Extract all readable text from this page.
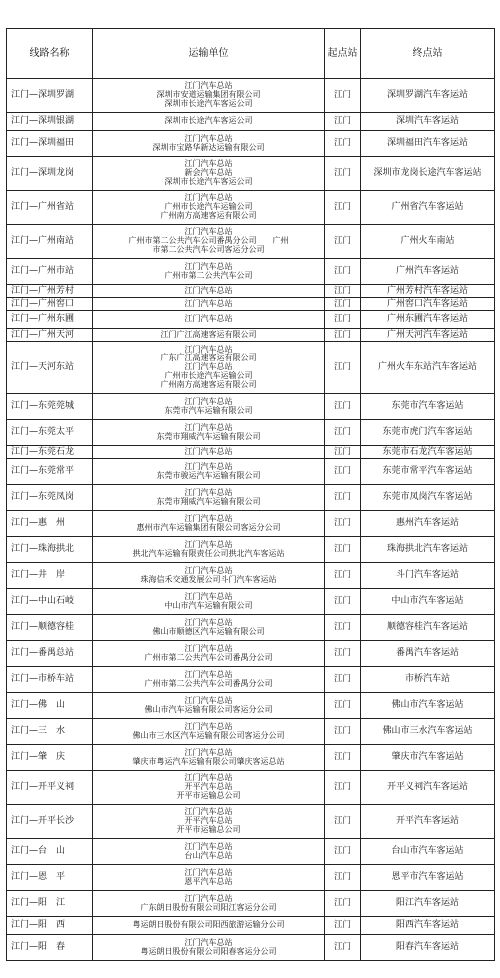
线路名称	运输单位	起点站	终点站
江门—深圳罗湖	江门汽车总站
深圳市安道运输集团有限公司
深圳市长途汽车客运公司	江门	深圳罗湖汽车客运站
江门—深圳银湖	深圳市长途汽车客运公司	江门	深圳汽车客运站
江门—深圳福田	江门汽车总站
深圳市宝路华新达运输有限公司	江门	深圳福田汽车客运站
江门—深圳龙岗	江门汽车总站
新会汽车总站
深圳市长途汽车客运公司	江门	深圳市龙岗长途汽车客运站
江门—广州省站	江门汽车总站
广州市长途汽车运输公司
广州南方高速客运有限公司	江门	广州省汽车客运站
江门—广州南站	江门汽车总站
广州市第二公共汽车公司番禺分公司　　广州
市第二公共汽车公司客运分公司	江门	广州火车南站
江门—广州市站	江门汽车总站
广州市第二公共汽车公司	江门	广州汽车客运站
江门—广州芳村	江门汽车总站	江门	广州芳村汽车客运站
江门—广州窖口	江门汽车总站	江门	广州窖口汽车客运站
江门—广州东圃	江门汽车总站	江门	广州东圃汽车客运站
江门—广州天河	江门广江高速客运有限公司	江门	广州天河汽车客运站
江门—天河东站	江门汽车总站
广东广江高速客运有限公司
江门汽车总站
广州市长途汽车运输公司
广州南方高速客运有限公司	江门	广州火车东站汽车客运站
江门—东莞莞城	江门汽车总站
东莞市汽车运输有限公司	江门	东莞市汽车客运站
江门—东莞太平	江门汽车总站
东莞市翔威汽车运输有限公司	江门	东莞市虎门汽车客运站
江门—东莞石龙	江门汽车总站	江门	东莞市石龙汽车客运站
江门—东莞常平	江门汽车总站
东莞市骏运汽车运输有限公司	江门	东莞市常平汽车客运站
江门—东莞凤岗	江门汽车总站
东莞市翔威汽车运输有限公司	江门	东莞市凤岗汽车客运站
江门—惠　州	江门汽车总站
惠州市汽车运输集团有限公司客运分公司	江门	惠州汽车客运站
江门—珠海拱北	江门汽车总站
拱北汽车运输有限责任公司拱北汽车客运站	江门	珠海拱北汽车客运站
江门—井　岸	江门汽车总站
珠海信禾交通发展公司斗门汽车客运站	江门	斗门汽车客运站
江门—中山石岐	江门汽车总站
中山市汽车运输有限公司	江门	中山市汽车客运站
江门—顺德容桂	江门汽车总站
佛山市顺德区汽车运输有限公司	江门	顺德容桂汽车客运站
江门—番禺总站	江门汽车总站
广州市第二公共汽车公司番禺分公司	江门	番禺汽车客运站
江门—市桥车站	江门汽车总站
广州市第二公共汽车公司番禺分公司	江门	市桥汽车站
江门—佛　山	江门汽车总站
佛山市汽车运输有限公司客运分公司	江门	佛山市汽车客运站
江门—三　水	江门汽车总站
佛山市三水区汽车运输有限公司客运分公司	江门	佛山市三水汽车客运站
江门—肇　庆	江门汽车总站
肇庆市粤运汽车运输有限公司肇庆客运总站	江门	肇庆市汽车客运站
江门—开平义祠	江门汽车总站
开平汽车总站
开平市运输总公司	江门	开平义祠汽车客运站
江门—开平长沙	江门汽车总站
开平汽车总站
开平市运输总公司	江门	开平汽车客运站
江门—台　山	江门汽车总站
台山汽车总站	江门	台山市汽车客运站
江门—恩　平	江门汽车总站
恩平汽车总站	江门	恩平市汽车客运站
江门—阳　江	江门汽车总站
广东朗日股份有限公司阳江客运分公司	江门	阳江汽车客运站
江门—阳　西	粤运朗日股份有限公司阳西旅游运输分公司	江门	阳西汽车客运站
江门—阳　春	江门汽车总站
粤运朗日股份有限公司阳春客运分公司	江门	阳春汽车客运站
